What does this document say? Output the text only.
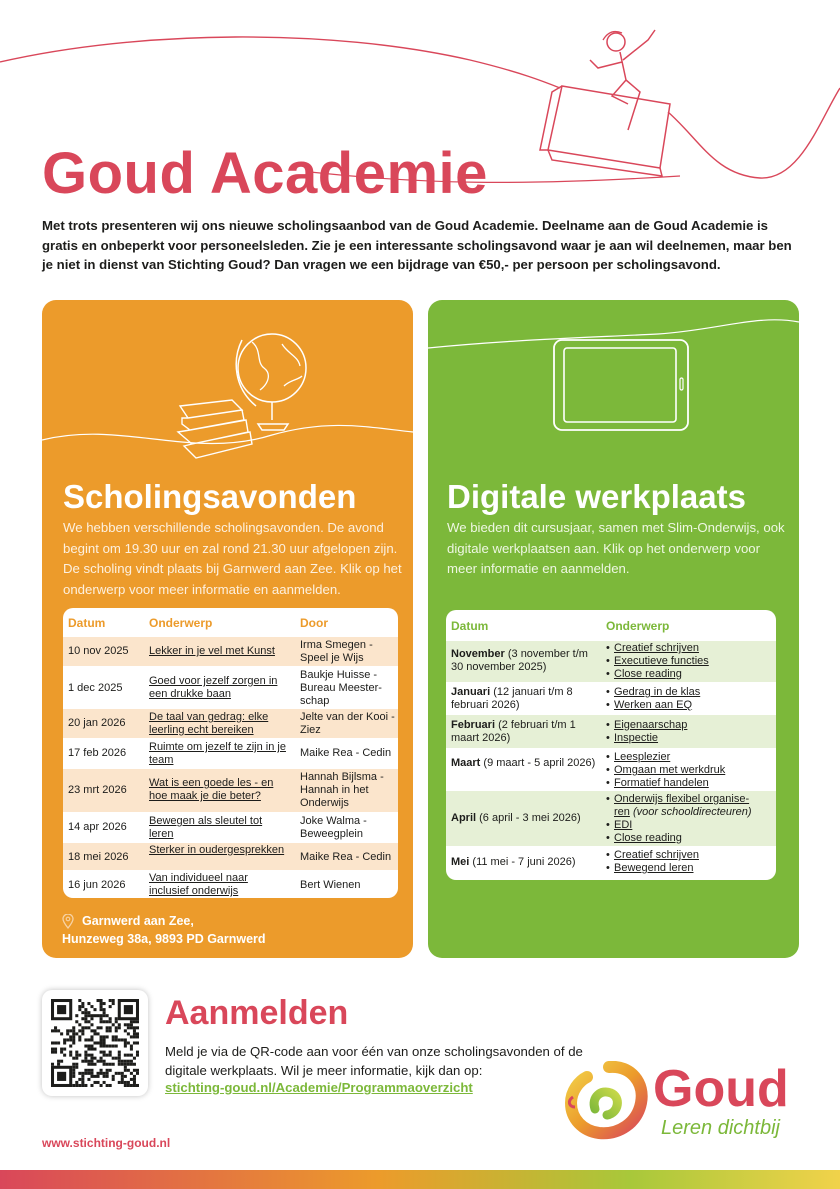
Goud Academie
Met trots presenteren wij ons nieuwe scholingsaanbod van de Goud Academie. Deelname aan de Goud Academie is gratis en onbeperkt voor personeelsleden. Zie je een interessante scholingsavond waar je aan wil deelnemen, maar ben je niet in dienst van Stichting Goud? Dan vragen we een bijdrage van €50,- per persoon per scholingsavond.
Scholingsavonden
We hebben verschillende scholingsavonden. De avond begint om 19.30 uur en zal rond 21.30 uur afgelopen zijn. De scholing vindt plaats bij Garnwerd aan Zee. Klik op het onderwerp voor meer informatie en aanmelden.
Datum	Onderwerp	Door
10 nov 2025 Lekker in je vel met Kunst	Irma Smegen - Speel je Wijs
1 dec 2025
Goed voor jezelf zorgen in een drukke baan
Baukje Huisse - Bureau Meester-schap
20 jan 2026 De taal van gedrag: elke leerling echt bereiken
Jelte van der Kooi - Ziez
17 feb 2026 Ruimte om jezelf te zijn in je team
Maike Rea - Cedin
23 mrt 2026
Wat is een goede les - en hoe maak je die beter?
Hannah Bijlsma - Hannah in het Onderwijs
14 apr 2026 Bewegen als sleutel tot leren
Joke Walma - Beweegplein
18 mei 2026
Sterker in oudergesprekken
Maike Rea - Cedin
16 jun 2026
Van individueel naar inclusief onderwijs	Bert Wienen
Garnwerd aan Zee,
Hunzeweg 38a, 9893 PD Garnwerd
Digitale werkplaats
We bieden dit cursusjaar, samen met Slim-Onderwijs, ook digitale werkplaatsen aan. Klik op het onderwerp voor meer informatie en aanmelden.
Datum	Onderwerp
November (3 november t/m 30 november 2025)
• Creatief schrijven
• Executieve functies
• Close reading
Januari (12 januari t/m 8 februari 2026)
• Gedrag in de klas
• Werken aan EQ
Februari (2 februari t/m 1 maart 2026)
• Eigenaarschap
• Inspectie
Maart (9 maart - 5 april 2026)
•	Leesplezier
• Omgaan met werkdruk
• Formatief handelen
April (6 april - 3 mei 2026)
• Onderwijs flexibel organise-
ren (voor schooldirecteuren)
• EDI
• Close reading
Mei (11 mei - 7 juni 2026)
• Creatief schrijven
• Bewegend leren
Aanmelden
Meld je via de QR-code aan voor één van onze scholingsavonden of de digitale werkplaats. Wil je meer informatie, kijk dan op:
stichting-goud.nl/Academie/Programmaoverzicht	Goud
Leren dichtbij
www.stichting-goud.nl
